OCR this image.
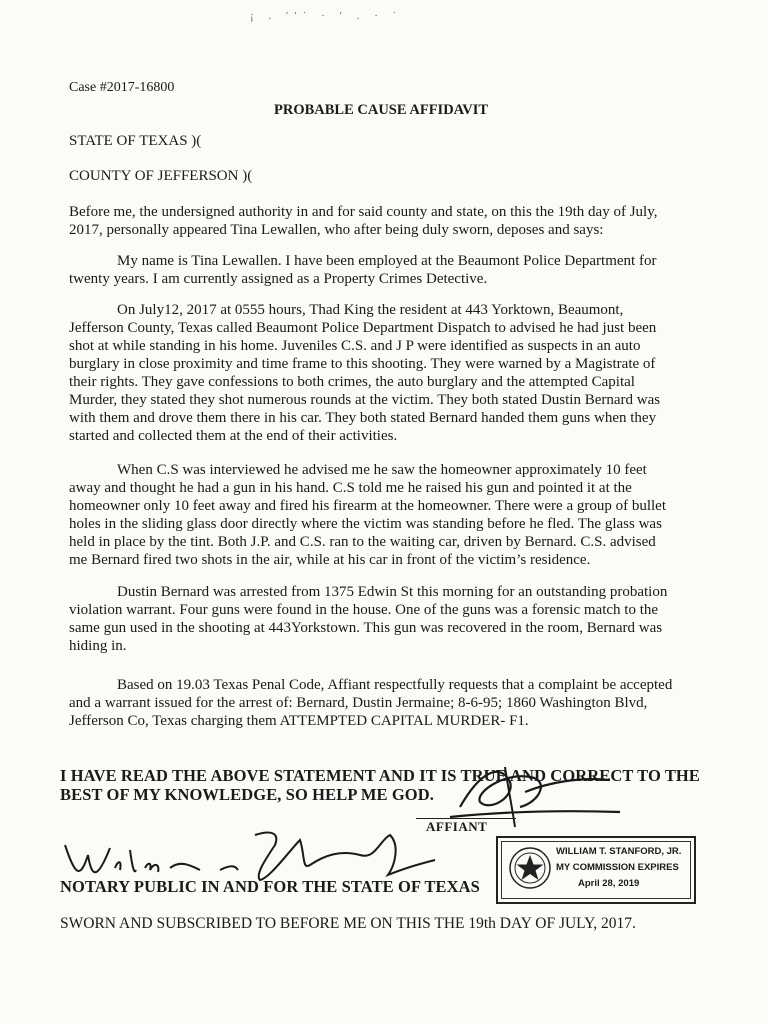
¡ . ′′˙ · ′ . · ˙
Case #2017-16800
PROBABLE CAUSE AFFIDAVIT
STATE OF TEXAS )(
COUNTY OF JEFFERSON )(
Before me, the undersigned authority in and for said county and state, on this the 19th day of July,
2017, personally appeared Tina Lewallen, who after being duly sworn, deposes and says:
My name is Tina Lewallen. I have been employed at the Beaumont Police Department for
twenty years. I am currently assigned as a Property Crimes Detective.
On July12, 2017 at 0555 hours, Thad King the resident at 443 Yorktown, Beaumont,
Jefferson County, Texas called Beaumont Police Department Dispatch to advised he had just been
shot at while standing in his home. Juveniles C.S. and J P were identified as suspects in an auto
burglary in close proximity and time frame to this shooting. They were warned by a Magistrate of
their rights. They gave confessions to both crimes, the auto burglary and the attempted Capital
Murder, they stated they shot numerous rounds at the victim. They both stated Dustin Bernard was
with them and drove them there in his car. They both stated Bernard handed them guns when they
started and collected them at the end of their activities.
When C.S was interviewed he advised me he saw the homeowner approximately 10 feet
away and thought he had a gun in his hand. C.S told me he raised his gun and pointed it at the
homeowner only 10 feet away and fired his firearm at the homeowner. There were a group of bullet
holes in the sliding glass door directly where the victim was standing before he fled. The glass was
held in place by the tint. Both J.P. and C.S. ran to the waiting car, driven by Bernard. C.S. advised
me Bernard fired two shots in the air, while at his car in front of the victim’s residence.
Dustin Bernard was arrested from 1375 Edwin St this morning for an outstanding probation
violation warrant. Four guns were found in the house. One of the guns was a forensic match to the
same gun used in the shooting at 443Yorkstown. This gun was recovered in the room, Bernard was
hiding in.
Based on 19.03 Texas Penal Code, Affiant respectfully requests that a complaint be accepted
and a warrant issued for the arrest of: Bernard, Dustin Jermaine; 8-6-95; 1860 Washington Blvd,
Jefferson Co, Texas charging them ATTEMPTED CAPITAL MURDER- F1.
I HAVE READ THE ABOVE STATEMENT AND IT IS TRUE AND CORRECT TO THE
BEST OF MY KNOWLEDGE, SO HELP ME GOD.
AFFIANT
NOTARY PUBLIC IN AND FOR THE STATE OF TEXAS
WILLIAM T. STANFORD, JR.
MY COMMISSION EXPIRES
April 28, 2019
SWORN AND SUBSCRIBED TO BEFORE ME ON THIS THE 19th DAY OF JULY, 2017.
